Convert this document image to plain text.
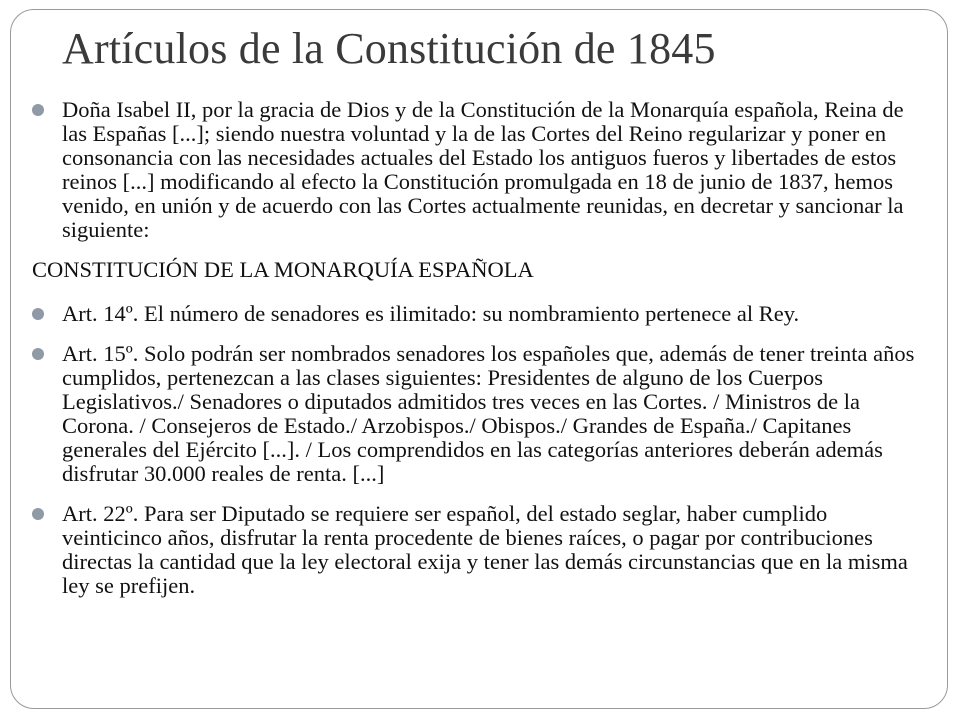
Artículos de la Constitución de 1845
Doña Isabel II, por la gracia de Dios y de la Constitución de la Monarquía española, Reina de las Españas [...]; siendo nuestra voluntad y la de las Cortes del Reino regularizar y poner en consonancia con las necesidades actuales del Estado los antiguos fueros y libertades de estos reinos [...] modificando al efecto la Constitución promulgada en 18 de junio de 1837, hemos venido, en unión y de acuerdo con las Cortes actualmente reunidas, en decretar y sancionar la siguiente:
CONSTITUCIÓN DE LA MONARQUÍA ESPAÑOLA
Art. 14º. El número de senadores es ilimitado: su nombramiento pertenece al Rey.
Art. 15º. Solo podrán ser nombrados senadores los españoles que, además de tener treinta años cumplidos, pertenezcan a las clases siguientes: Presidentes de alguno de los Cuerpos Legislativos./ Senadores o diputados admitidos tres veces en las Cortes. / Ministros de la Corona. / Consejeros de Estado./ Arzobispos./ Obispos./ Grandes de España./ Capitanes generales del Ejército [...]. / Los comprendidos en las categorías anteriores deberán además disfrutar 30.000 reales de renta. [...]
Art. 22º. Para ser Diputado se requiere ser español, del estado seglar, haber cumplido veinticinco años, disfrutar la renta procedente de bienes raíces, o pagar por contribuciones directas la cantidad que la ley electoral exija y tener las demás circunstancias que en la misma ley se prefijen.
